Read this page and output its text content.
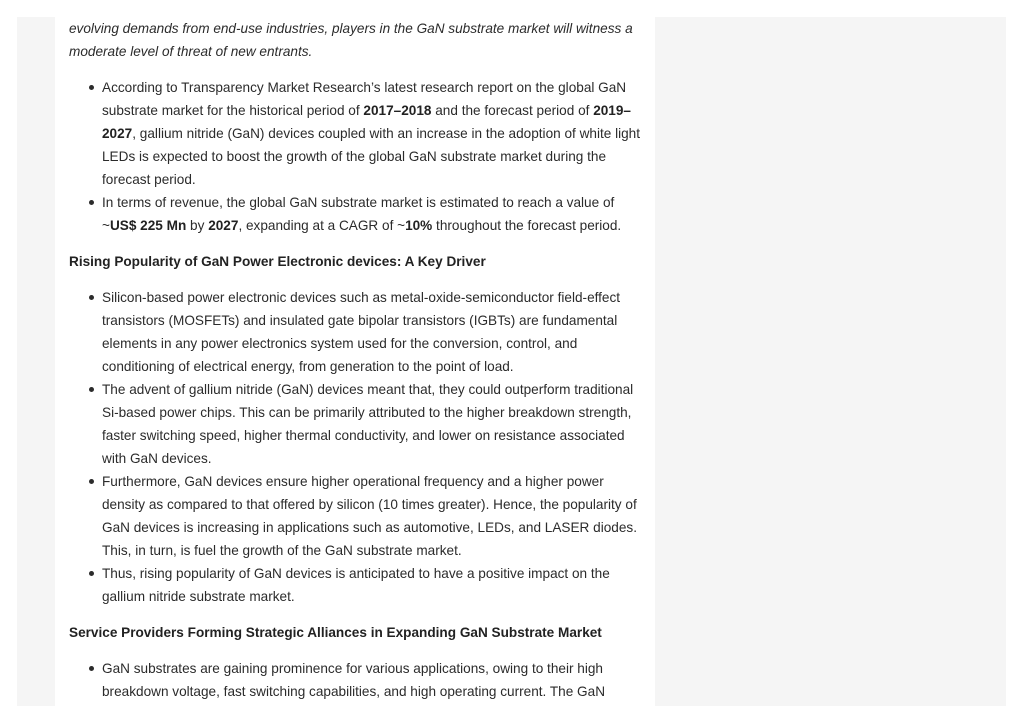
evolving demands from end-use industries, players in the GaN substrate market will witness a moderate level of threat of new entrants.

According to Transparency Market Research’s latest research report on the global GaN substrate market for the historical period of 2017–2018 and the forecast period of 2019–2027, gallium nitride (GaN) devices coupled with an increase in the adoption of white light LEDs is expected to boost the growth of the global GaN substrate market during the forecast period.
In terms of revenue, the global GaN substrate market is estimated to reach a value of ~US$ 225 Mn by 2027, expanding at a CAGR of ~10% throughout the forecast period.
Rising Popularity of GaN Power Electronic devices: A Key Driver
Silicon-based power electronic devices such as metal-oxide-semiconductor field-effect transistors (MOSFETs) and insulated gate bipolar transistors (IGBTs) are fundamental elements in any power electronics system used for the conversion, control, and conditioning of electrical energy, from generation to the point of load.
The advent of gallium nitride (GaN) devices meant that, they could outperform traditional Si-based power chips. This can be primarily attributed to the higher breakdown strength, faster switching speed, higher thermal conductivity, and lower on resistance associated with GaN devices.
Furthermore, GaN devices ensure higher operational frequency and a higher power density as compared to that offered by silicon (10 times greater). Hence, the popularity of GaN devices is increasing in applications such as automotive, LEDs, and LASER diodes. This, in turn, is fuel the growth of the GaN substrate market.
Thus, rising popularity of GaN devices is anticipated to have a positive impact on the gallium nitride substrate market.
Service Providers Forming Strategic Alliances in Expanding GaN Substrate Market
GaN substrates are gaining prominence for various applications, owing to their high breakdown voltage, fast switching capabilities, and high operating current. The GaN
